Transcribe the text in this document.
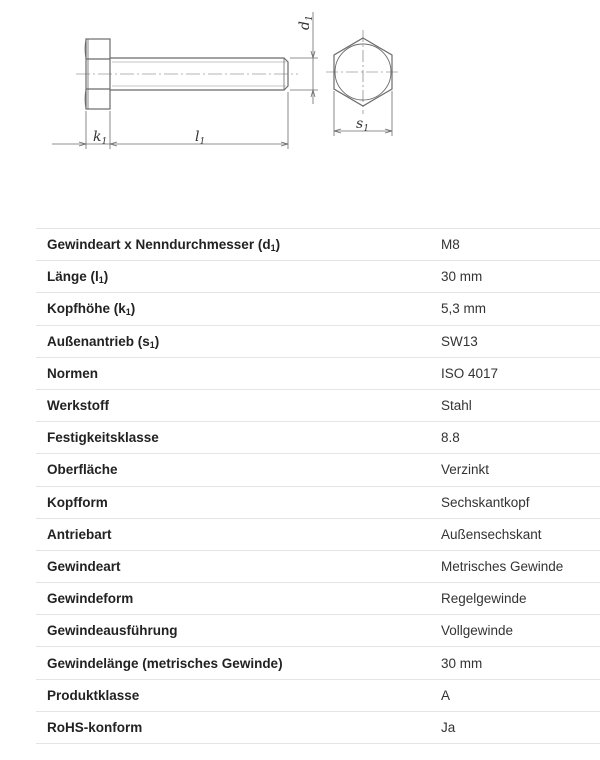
$k_1$	$l_1$
$s_1$
$d_1$
Gewindeart x Nenndurchmesser $(d_1)$	M8
Länge $(l_1)$	30 mm
Kopfhöhe $(k_1)$	5,3 mm
Außenantrieb $(s_1)$	SW13
Normen	ISO 4017
Werkstoff	Stahl
Festigkeitsklasse	8.8
Oberfläche	Verzinkt
Kopfform	Sechskantkopf
Antriebart	Außensechskant
Gewindeart	Metrisches Gewinde
Gewindeform	Regelgewinde
Gewindeausführung	Vollgewinde
Gewindelänge (metrisches Gewinde)	30 mm
Produktklasse	A
RoHS-konform	Ja
